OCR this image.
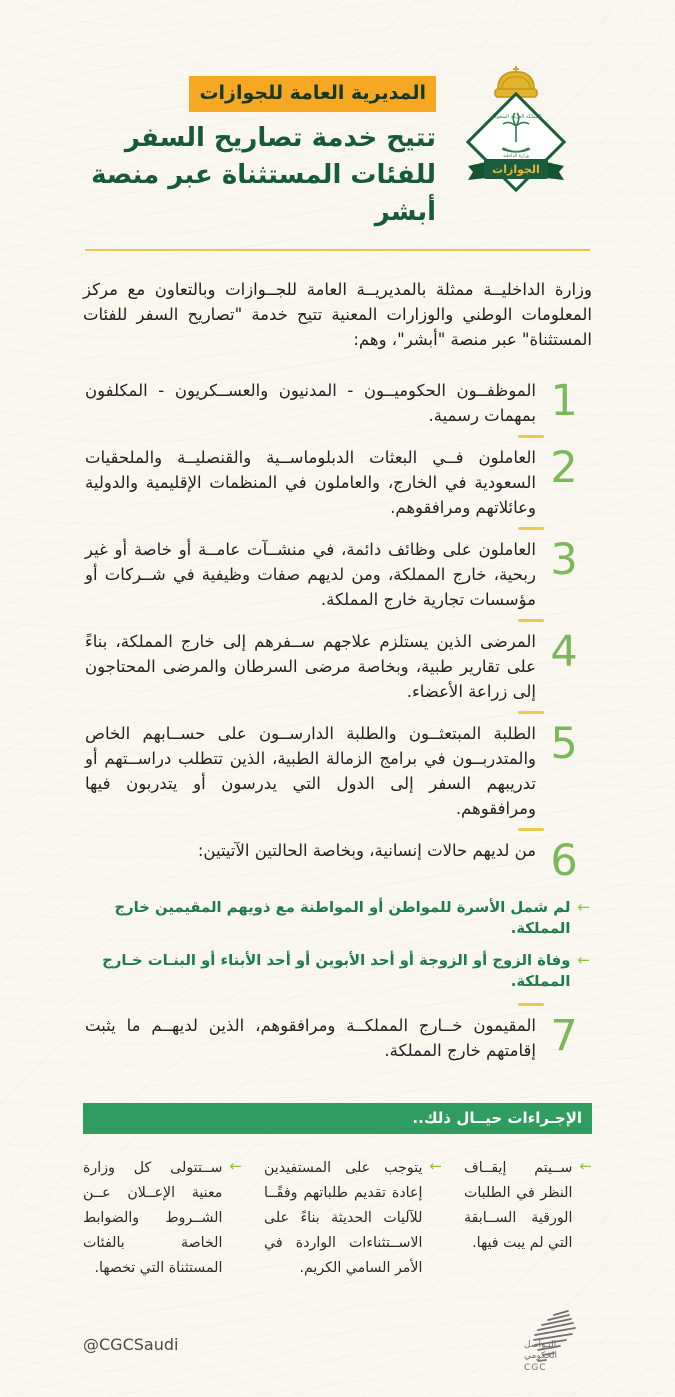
المملكة العربية السعودية
وزارة الداخلية
الجوازات
المديرية العامة للجوازات
تتيح خدمة تصاريح السفر
للفئات المستثناة عبر منصة أبشر

وزارة الداخليــة ممثلة بالمديريــة العامة للجــوازات وبالتعاون مع مركز المعلومات الوطني والوزارات المعنية تتيح خدمة "تصاريح السفر للفئات المستثناة" عبر منصة "أبشر"، وهم:

1
الموظفــون الحكوميــون - المدنيون والعســكريون - المكلفون بمهمات رسمية.
2
العاملون فــي البعثات الدبلوماســية والقنصليــة والملحقيات السعودية في الخارج، والعاملون في المنظمات الإقليمية والدولية وعائلاتهم ومرافقوهم.
3
العاملون على وظائف دائمة، في منشــآت عامــة أو خاصة أو غير ربحية، خارج المملكة، ومن لديهم صفات وظيفية في شــركات أو مؤسسات تجارية خارج المملكة.
4
المرضى الذين يستلزم علاجهم ســفرهم إلى خارج المملكة، بناءً على تقارير طبية، وبخاصة مرضى السرطان والمرضى المحتاجون إلى زراعة الأعضاء.
5
الطلبة المبتعثــون والطلبة الدارســون على حســابهم الخاص والمتدربــون في برامج الزمالة الطبية، الذين تتطلب دراســتهم أو تدريبهم السفر إلى الدول التي يدرسون أو يتدربون فيها ومرافقوهم.
6
من لديهم حالات إنسانية، وبخاصة الحالتين الآتيتين:
←
لم شمل الأسرة للمواطن أو المواطنة مع ذويهم المقيمين خارج المملكة.
←
وفاة الزوج أو الزوجة أو أحد الأبوين أو أحد الأبناء أو البنـات خـارج المملكة.
7
المقيمون خــارج المملكــة ومرافقوهم، الذين لديهــم ما يثبت إقامتهم خارج المملكة.
الإجـراءات حيــال ذلك..
←
ســيتم إيقــاف النظر في الطلبات الورقية الســابقة التي لم يبت فيها.
←
يتوجب على المستفيدين إعادة تقديم طلباتهم وفقًــا للآليات الحديثة بناءً على الاســتثناءات الواردة في الأمر السامي الكريم.
←
ســتتولى كل وزارة معنية الإعــلان عــن الشــروط والضوابط الخاصة بالفئات المستثناة التي تخصها.
التـواصل
الحكومي
CGC
@CGCSaudi
